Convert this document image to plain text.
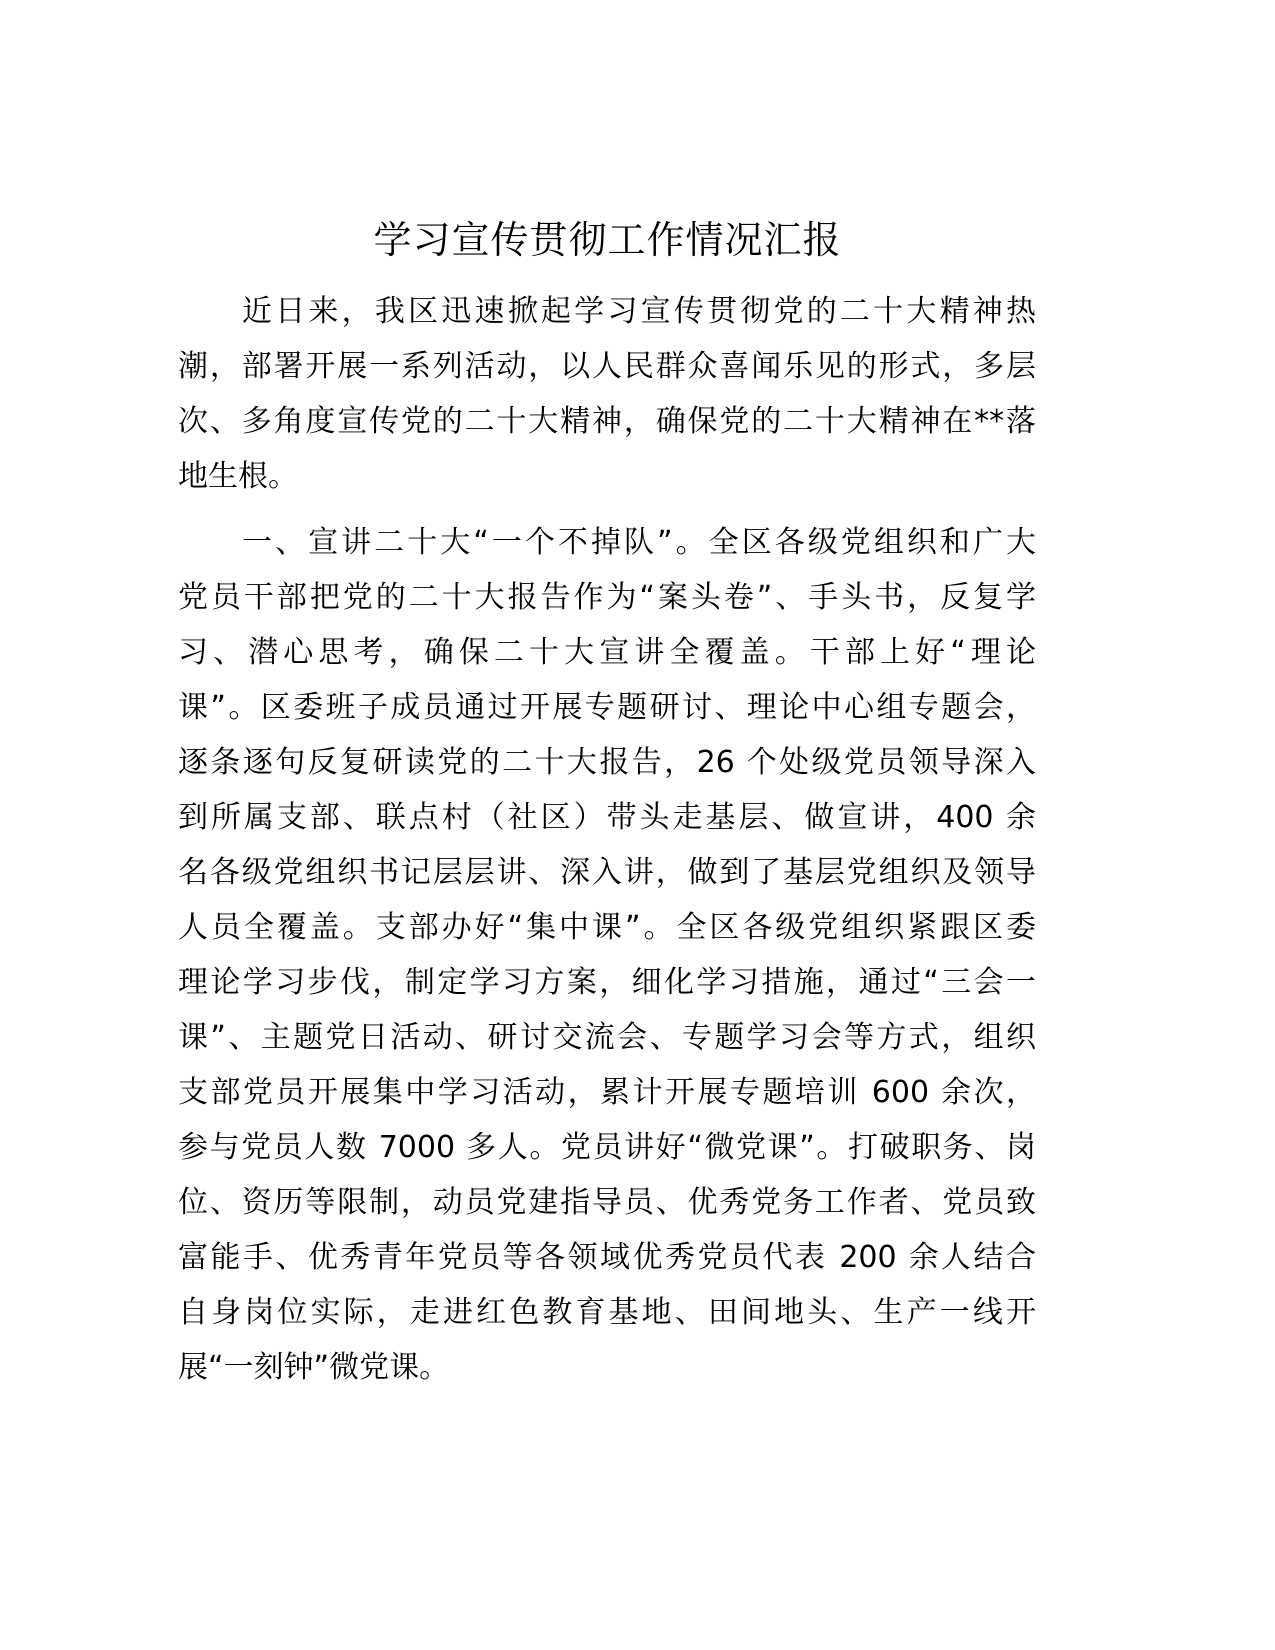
学习宣传贯彻工作情况汇报
近日来，我区迅速掀起学习宣传贯彻党的二十大精神热
潮，部署开展一系列活动，以人民群众喜闻乐见的形式，多层
次、多角度宣传党的二十大精神，确保党的二十大精神在**落
地生根。
一、宣讲二十大“一个不掉队”。全区各级党组织和广大
党员干部把党的二十大报告作为“案头卷”、手头书，反复学
习、潜心思考，确保二十大宣讲全覆盖。干部上好“理论
课”。区委班子成员通过开展专题研讨、理论中心组专题会，
逐条逐句反复研读党的二十大报告，26 个处级党员领导深入
到所属支部、联点村（社区）带头走基层、做宣讲，400 余
名各级党组织书记层层讲、深入讲，做到了基层党组织及领导
人员全覆盖。支部办好“集中课”。全区各级党组织紧跟区委
理论学习步伐，制定学习方案，细化学习措施，通过“三会一
课”、主题党日活动、研讨交流会、专题学习会等方式，组织
支部党员开展集中学习活动，累计开展专题培训 600 余次，
参与党员人数 7000 多人。党员讲好“微党课”。打破职务、岗
位、资历等限制，动员党建指导员、优秀党务工作者、党员致
富能手、优秀青年党员等各领域优秀党员代表 200 余人结合
自身岗位实际，走进红色教育基地、田间地头、生产一线开
展“一刻钟”微党课。
